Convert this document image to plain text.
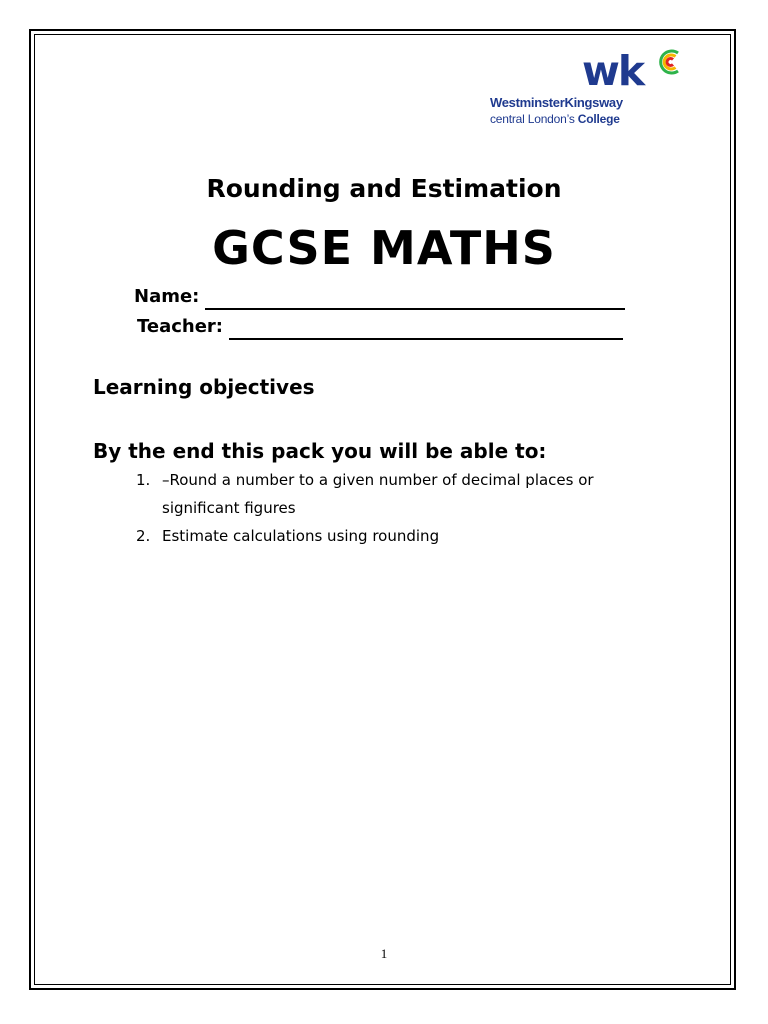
wk
WestminsterKingsway
central London’s College
Rounding and Estimation
GCSE MATHS
Name:
Teacher:
Learning objectives
By the end this pack you will be able to:
1. –Round a number to a given number of decimal places or significant figures
2. Estimate calculations using rounding
1
